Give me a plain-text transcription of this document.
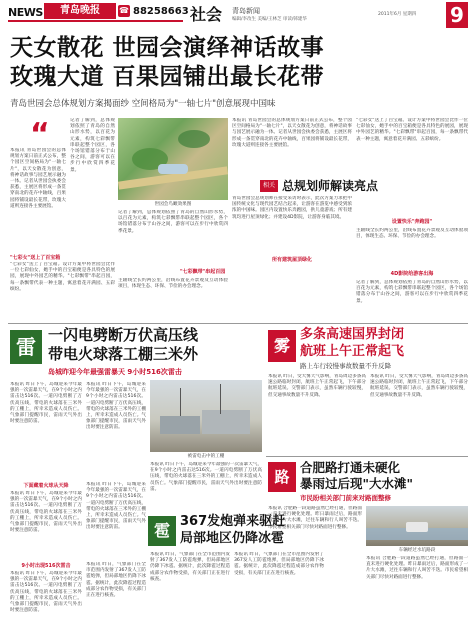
NEWS	青岛晚报	☎ 88258663 社会 青岛新闻
编辑/李改生 美编/王林芝 审读/韩建华
2011年6月 星期四 9
天女散花 世园会演绎神话故事
玫瑰大道 百果园铺出最长花带
青岛世园会总体规划方案揭面纱 空间格局为"一轴七片"创意展现中国味
“
本报讯 青岛世园会的总体规划方案日前正式公布，整个园区空间格局为"一轴七片"，以天女散花为创意，将神话故事与园艺展示融为一体。记者从世园会执委会获悉，主展区将形成一条贯穿南北的花卉中轴线，百果园将铺设最长花带，玫瑰大道则连接各主要展馆。
记者了解到，总体规划依照了青岛的自然山形水势，以百花为元素，构筑七彩飘带串联起整个园区，各个场馆错落分布于山谷之间，游客可以在步行中欣赏四季花景。
世园会鸟瞰效果图
"七彩女"送上了百宝箱
"七彩女"送上了百宝箱。设计方案中将世园会比作一位七彩仙女，她手中的百宝箱便是各具特色的展园，展现中外园艺的精华。"七彩飘带"串起百园，每一条飘带代表一种主题，寓意着花开满园、五彩缤纷。
记者了解到，总体规划依照了青岛的自然山形水势，以百花为元素，构筑七彩飘带串联起整个园区，各个场馆错落分布于山谷之间，游客可以在步行中欣赏四季花景。
"七彩飘带"串起百园
主轴线全长约两公里，沿线布置花卉景观及互动体验项目，体现生态、环保、节俭的办会理念。
本报讯 青岛世园会的总体规划方案日前正式公布，整个园区空间格局为"一轴七片"，以天女散花为创意，将神话故事与园艺展示融为一体。记者从世园会执委会获悉，主展区将形成一条贯穿南北的花卉中轴线，百果园将铺设最长花带，玫瑰大道则连接各主要展馆。
相关 总规划师解读亮点
青岛世园会总规划师在接受采访时表示，此次方案力求把中国传统文化与现代园艺结合起来，让游客在游览中感受到浓浓的中国味。园区内设置快乐奔跑园，供儿童游戏；所有建筑均进行屋顶绿化；并建设4D影院，让游客身临其境。
"七彩女"送上了百宝箱。设计方案中将世园会比作一位七彩仙女，她手中的百宝箱便是各具特色的展园，展现中外园艺的精华。"七彩飘带"串起百园，每一条飘带代表一种主题，寓意着花开满园、五彩缤纷。
设置快乐"奔跑园"
主轴线全长约两公里，沿线布置花卉景观及互动体验项目，体现生态、环保、节俭的办会理念。
所有建筑屋顶绿化
4D影院给游客出海
记者了解到，总体规划依照了青岛的自然山形水势，以百花为元素，构筑七彩飘带串联起整个园区，各个场馆错落分布于山谷之间，游客可以在步行中欣赏四季花景。
雷 一闪电劈断万伏高压线
带电火球落工棚三米外
岛城昨迎今年最强雷暴天 9小时516次雷击
本报讯 昨日下午，岛城迎来今年最强的一次雷暴天气，在9个小时之内雷击达516次。一道闪电劈断了万伏高压线，带电的火球落在三米外的工棚上，所幸未造成人员伤亡。气象部门提醒市民，雷雨天气外出时要注意防雷。
本报讯 昨日下午，岛城迎来今年最强的一次雷暴天气，在9个小时之内雷击达516次。一道闪电劈断了万伏高压线，带电的火球落在三米外的工棚上，所幸未造成人员伤亡。气象部门提醒市民，雷雨天气外出时要注意防雷。
被雷电击中的工棚
下面藏着火球从天降
本报讯 昨日下午，岛城迎来今年最强的一次雷暴天气，在9个小时之内雷击达516次。一道闪电劈断了万伏高压线，带电的火球落在三米外的工棚上，所幸未造成人员伤亡。气象部门提醒市民，雷雨天气外出时要注意防雷。
本报讯 昨日下午，岛城迎来今年最强的一次雷暴天气，在9个小时之内雷击达516次。一道闪电劈断了万伏高压线，带电的火球落在三米外的工棚上，所幸未造成人员伤亡。气象部门提醒市民，雷雨天气外出时要注意防雷。
本报讯 昨日下午，岛城迎来今年最强的一次雷暴天气，在9个小时之内雷击达516次。一道闪电劈断了万伏高压线，带电的火球落在三米外的工棚上，所幸未造成人员伤亡。气象部门提醒市民，雷雨天气外出时要注意防雷。
9小时出现516次雷击
本报讯 昨日下午，岛城迎来今年最强的一次雷暴天气，在9个小时之内雷击达516次。一道闪电劈断了万伏高压线，带电的火球落在三米外的工棚上，所幸未造成人员伤亡。气象部门提醒市民，雷雨天气外出时要注意防雷。
雹 367发炮弹来驱赶
局部地区仍降冰雹
本报讯 昨日，气象部门在全市范围内发射了367发人工防雹炮弹，但局部地区仍降下冰雹。据统计，此次降雹过程造成部分农作物受损，有关部门正在进行核查。
本报讯 昨日，气象部门在全市范围内发射了367发人工防雹炮弹，但局部地区仍降下冰雹。据统计，此次降雹过程造成部分农作物受损，有关部门正在进行核查。
本报讯 昨日，气象部门在全市范围内发射了367发人工防雹炮弹，但局部地区仍降下冰雹。据统计，此次降雹过程造成部分农作物受损，有关部门正在进行核查。
雾
多条高速国界封闭
航班上午正常起飞
路上车行较慢事故数量不升反降
本报讯 昨日，受大雾天气影响，青岛周边多条高速公路临时封闭，航班上午正常起飞，下午部分航班延误。交警部门表示，虽然车辆行驶较慢，但交通事故数量不升反降。
本报讯 昨日，受大雾天气影响，青岛周边多条高速公路临时封闭，航班上午正常起飞，下午部分航班延误。交警部门表示，虽然车辆行驶较慢，但交通事故数量不升反降。
路
合肥路打通未硬化
暴雨过后现"大水滩"
市民盼相关部门前来对路面整修
本报讯 合肥路一段道路虽然已经打通，但路面一直未进行硬化处理。昨日暴雨过后，路面形成了一片大水滩，过往车辆和行人叫苦不迭。市民希望相关部门尽快对路面进行整修。
车辆经过水坑路段
本报讯 合肥路一段道路虽然已经打通，但路面一直未进行硬化处理。昨日暴雨过后，路面形成了一片大水滩，过往车辆和行人叫苦不迭。市民希望相关部门尽快对路面进行整修。
